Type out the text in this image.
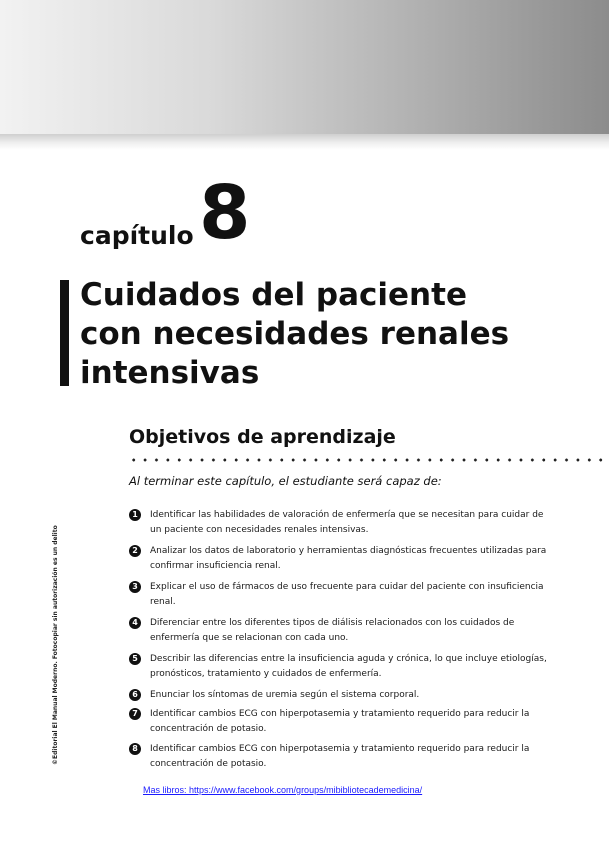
capítulo 8
Cuidados del paciente
con necesidades renales
intensivas
Objetivos de aprendizaje
Al terminar este capítulo, el estudiante será capaz de:
1	Identificar las habilidades de valoración de enfermería que se necesitan para cuidar de un paciente con necesidades renales intensivas.
2	Analizar los datos de laboratorio y herramientas diagnósticas frecuentes utilizadas para confirmar insuficiencia renal.
3	Explicar el uso de fármacos de uso frecuente para cuidar del paciente con insuficiencia renal.
4	Diferenciar entre los diferentes tipos de diálisis relacionados con los cuidados de enfermería que se relacionan con cada uno.
5	Describir las diferencias entre la insuficiencia aguda y crónica, lo que incluye etiologías, pronósticos, tratamiento y cuidados de enfermería.
6	Enunciar los síntomas de uremia según el sistema corporal.
7	Identificar cambios ECG con hiperpotasemia y tratamiento requerido para reducir la concentración de potasio.
8	Identificar cambios ECG con hiperpotasemia y tratamiento requerido para reducir la concentración de potasio.
©Editorial El Manual Moderno. Fotocopiar sin autorización es un delito
Mas libros: https://www.facebook.com/groups/mibibliotecademedicina/
